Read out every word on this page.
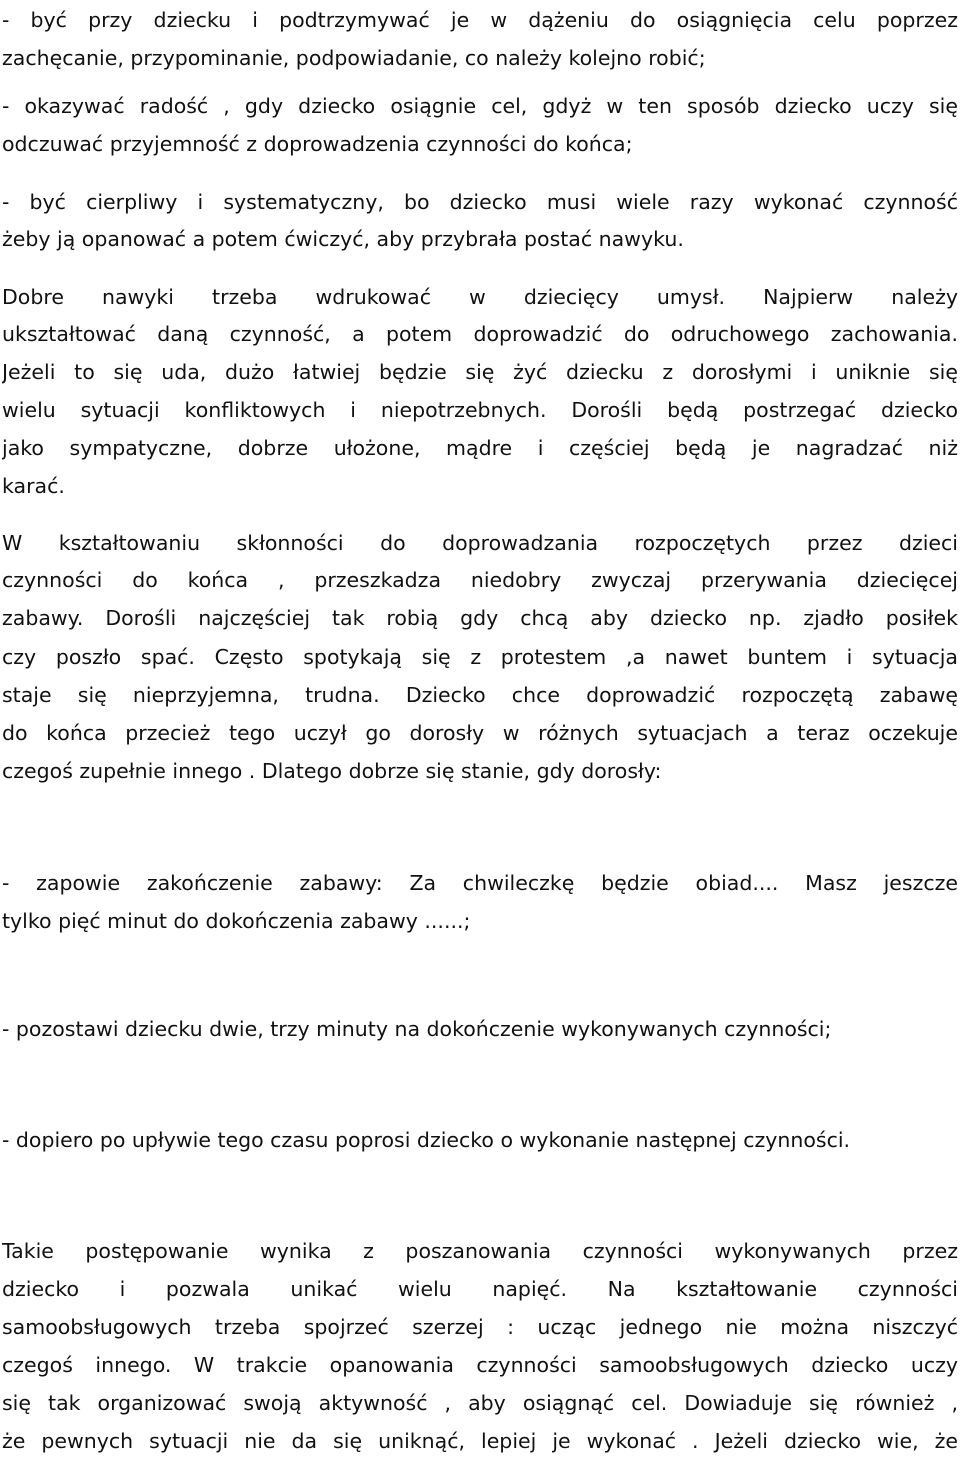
- być przy dziecku i podtrzymywać je w dążeniu do osiągnięcia celu poprzez
zachęcanie, przypominanie, podpowiadanie, co należy kolejno robić;
- okazywać radość , gdy dziecko osiągnie cel, gdyż w ten sposób dziecko uczy się
odczuwać przyjemność z doprowadzenia czynności do końca;
- być cierpliwy i systematyczny, bo dziecko musi wiele razy wykonać czynność
żeby ją opanować a potem ćwiczyć, aby przybrała postać nawyku.
Dobre nawyki trzeba wdrukować w dziecięcy umysł. Najpierw należy
ukształtować daną czynność, a potem doprowadzić do odruchowego zachowania.
Jeżeli to się uda, dużo łatwiej będzie się żyć dziecku z dorosłymi i uniknie się
wielu sytuacji konfliktowych i niepotrzebnych. Dorośli będą postrzegać dziecko
jako sympatyczne, dobrze ułożone, mądre i częściej będą je nagradzać niż
karać.
W kształtowaniu skłonności do doprowadzania rozpoczętych przez dzieci
czynności do końca , przeszkadza niedobry zwyczaj przerywania dziecięcej
zabawy. Dorośli najczęściej tak robią gdy chcą aby dziecko np. zjadło posiłek
czy poszło spać. Często spotykają się z protestem ,a nawet buntem i sytuacja
staje się nieprzyjemna, trudna. Dziecko chce doprowadzić rozpoczętą zabawę
do końca przecież tego uczył go dorosły w różnych sytuacjach a teraz oczekuje
czegoś zupełnie innego . Dlatego dobrze się stanie, gdy dorosły:
- zapowie zakończenie zabawy: Za chwileczkę będzie obiad.... Masz jeszcze
tylko pięć minut do dokończenia zabawy ......;
- pozostawi dziecku dwie, trzy minuty na dokończenie wykonywanych czynności;
- dopiero po upływie tego czasu poprosi dziecko o wykonanie następnej czynności.
Takie postępowanie wynika z poszanowania czynności wykonywanych przez
dziecko i pozwala unikać wielu napięć. Na kształtowanie czynności
samoobsługowych trzeba spojrzeć szerzej : ucząc jednego nie można niszczyć
czegoś innego. W trakcie opanowania czynności samoobsługowych dziecko uczy
się tak organizować swoją aktywność , aby osiągnąć cel. Dowiaduje się również ,
że pewnych sytuacji nie da się uniknąć, lepiej je wykonać . Jeżeli dziecko wie, że
